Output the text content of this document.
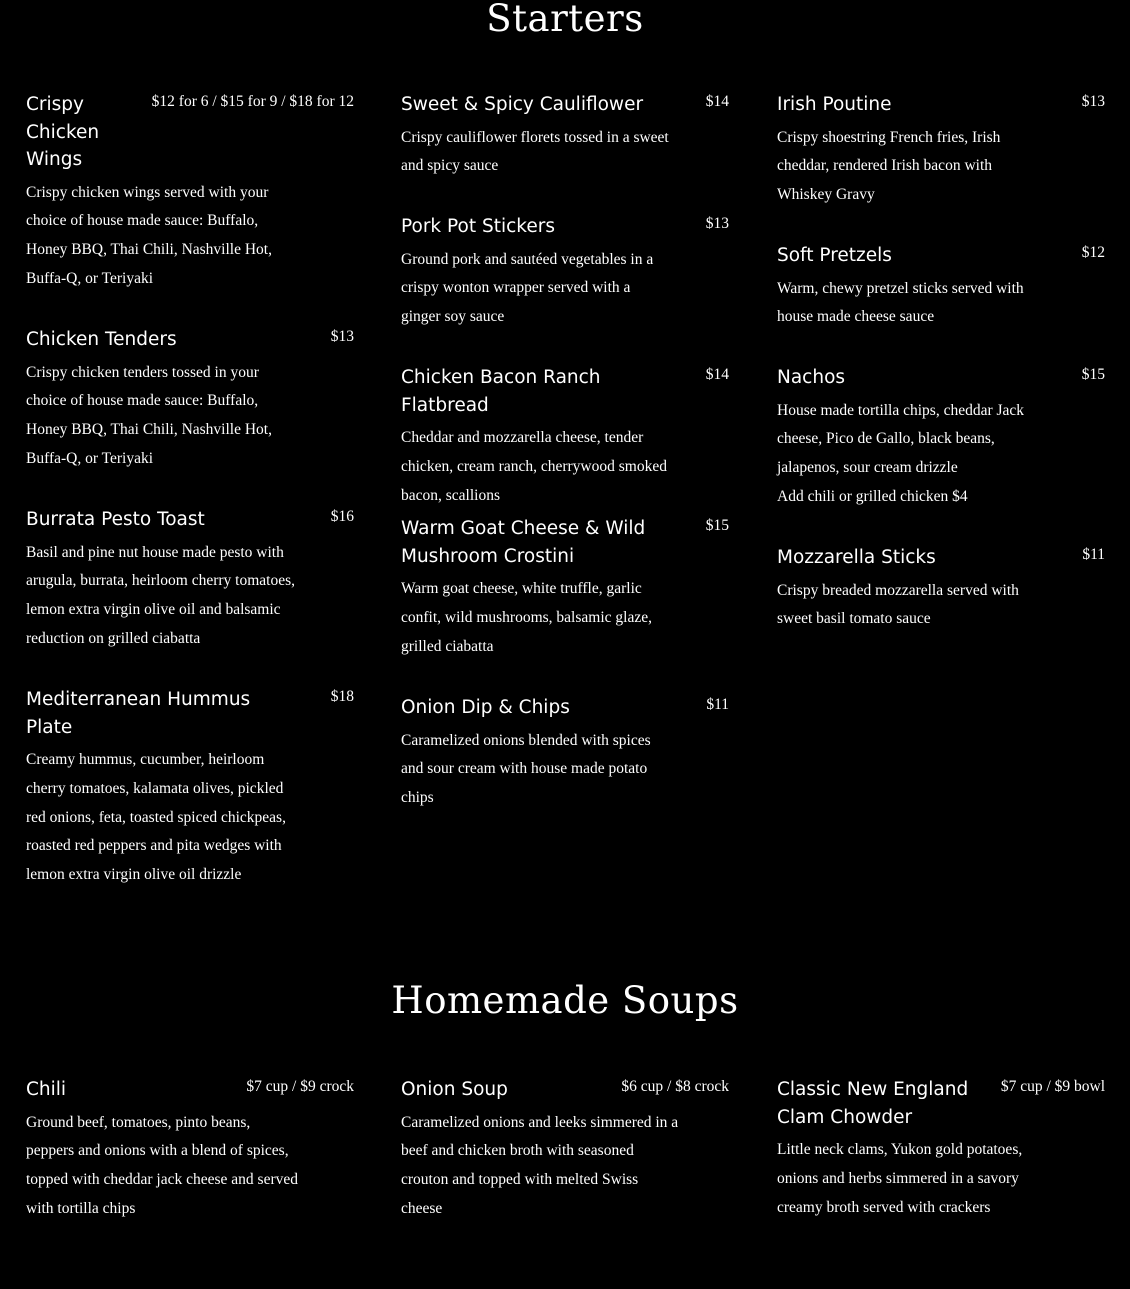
Starters
Homemade Soups
Crispy Chicken Wings
$12 for 6 / $15 for 9 / $18 for 12

Crispy chicken wings served with your choice of house made sauce: Buffalo, Honey BBQ, Thai Chili, Nashville Hot, Buffa-Q, or Teriyaki

Chicken Tenders	$13

Crispy chicken tenders tossed in your choice of house made sauce: Buffalo, Honey BBQ, Thai Chili, Nashville Hot, Buffa-Q, or Teriyaki

Burrata Pesto Toast	$16

Basil and pine nut house made pesto with arugula, burrata, heirloom cherry tomatoes, lemon extra virgin olive oil and balsamic reduction on grilled ciabatta

Mediterranean Hummus Plate
$18

Creamy hummus, cucumber, heirloom cherry tomatoes, kalamata olives, pickled red onions, feta, toasted spiced chickpeas, roasted red peppers and pita wedges with lemon extra virgin olive oil drizzle

Sweet & Spicy Cauliflower	$14

Crispy cauliflower florets tossed in a sweet and spicy sauce

Pork Pot Stickers	$13

Ground pork and sautéed vegetables in a crispy wonton wrapper served with a ginger soy sauce

Chicken Bacon Ranch Flatbread
$14

Cheddar and mozzarella cheese, tender chicken, cream ranch, cherrywood smoked bacon, scallions

Warm Goat Cheese & Wild Mushroom Crostini
$15

Warm goat cheese, white truffle, garlic confit, wild mushrooms, balsamic glaze, grilled ciabatta

Onion Dip & Chips	$11

Caramelized onions blended with spices and sour cream with house made potato chips

Irish Poutine	$13

Crispy shoestring French fries, Irish cheddar, rendered Irish bacon with Whiskey Gravy

Soft Pretzels	$12

Warm, chewy pretzel sticks served with house made cheese sauce

Nachos	$15

House made tortilla chips, cheddar Jack cheese, Pico de Gallo, black beans, jalapenos, sour cream drizzle

Add chili or grilled chicken $4

Mozzarella Sticks	$11

Crispy breaded mozzarella served with sweet basil tomato sauce

Chili	$7 cup / $9 crock

Ground beef, tomatoes, pinto beans, peppers and onions with a blend of spices, topped with cheddar jack cheese and served with tortilla chips

Onion Soup	$6 cup / $8 crock

Caramelized onions and leeks simmered in a beef and chicken broth with seasoned crouton and topped with melted Swiss cheese

Classic New England Clam Chowder
$7 cup / $9 bowl

Little neck clams, Yukon gold potatoes, onions and herbs simmered in a savory creamy broth served with crackers
